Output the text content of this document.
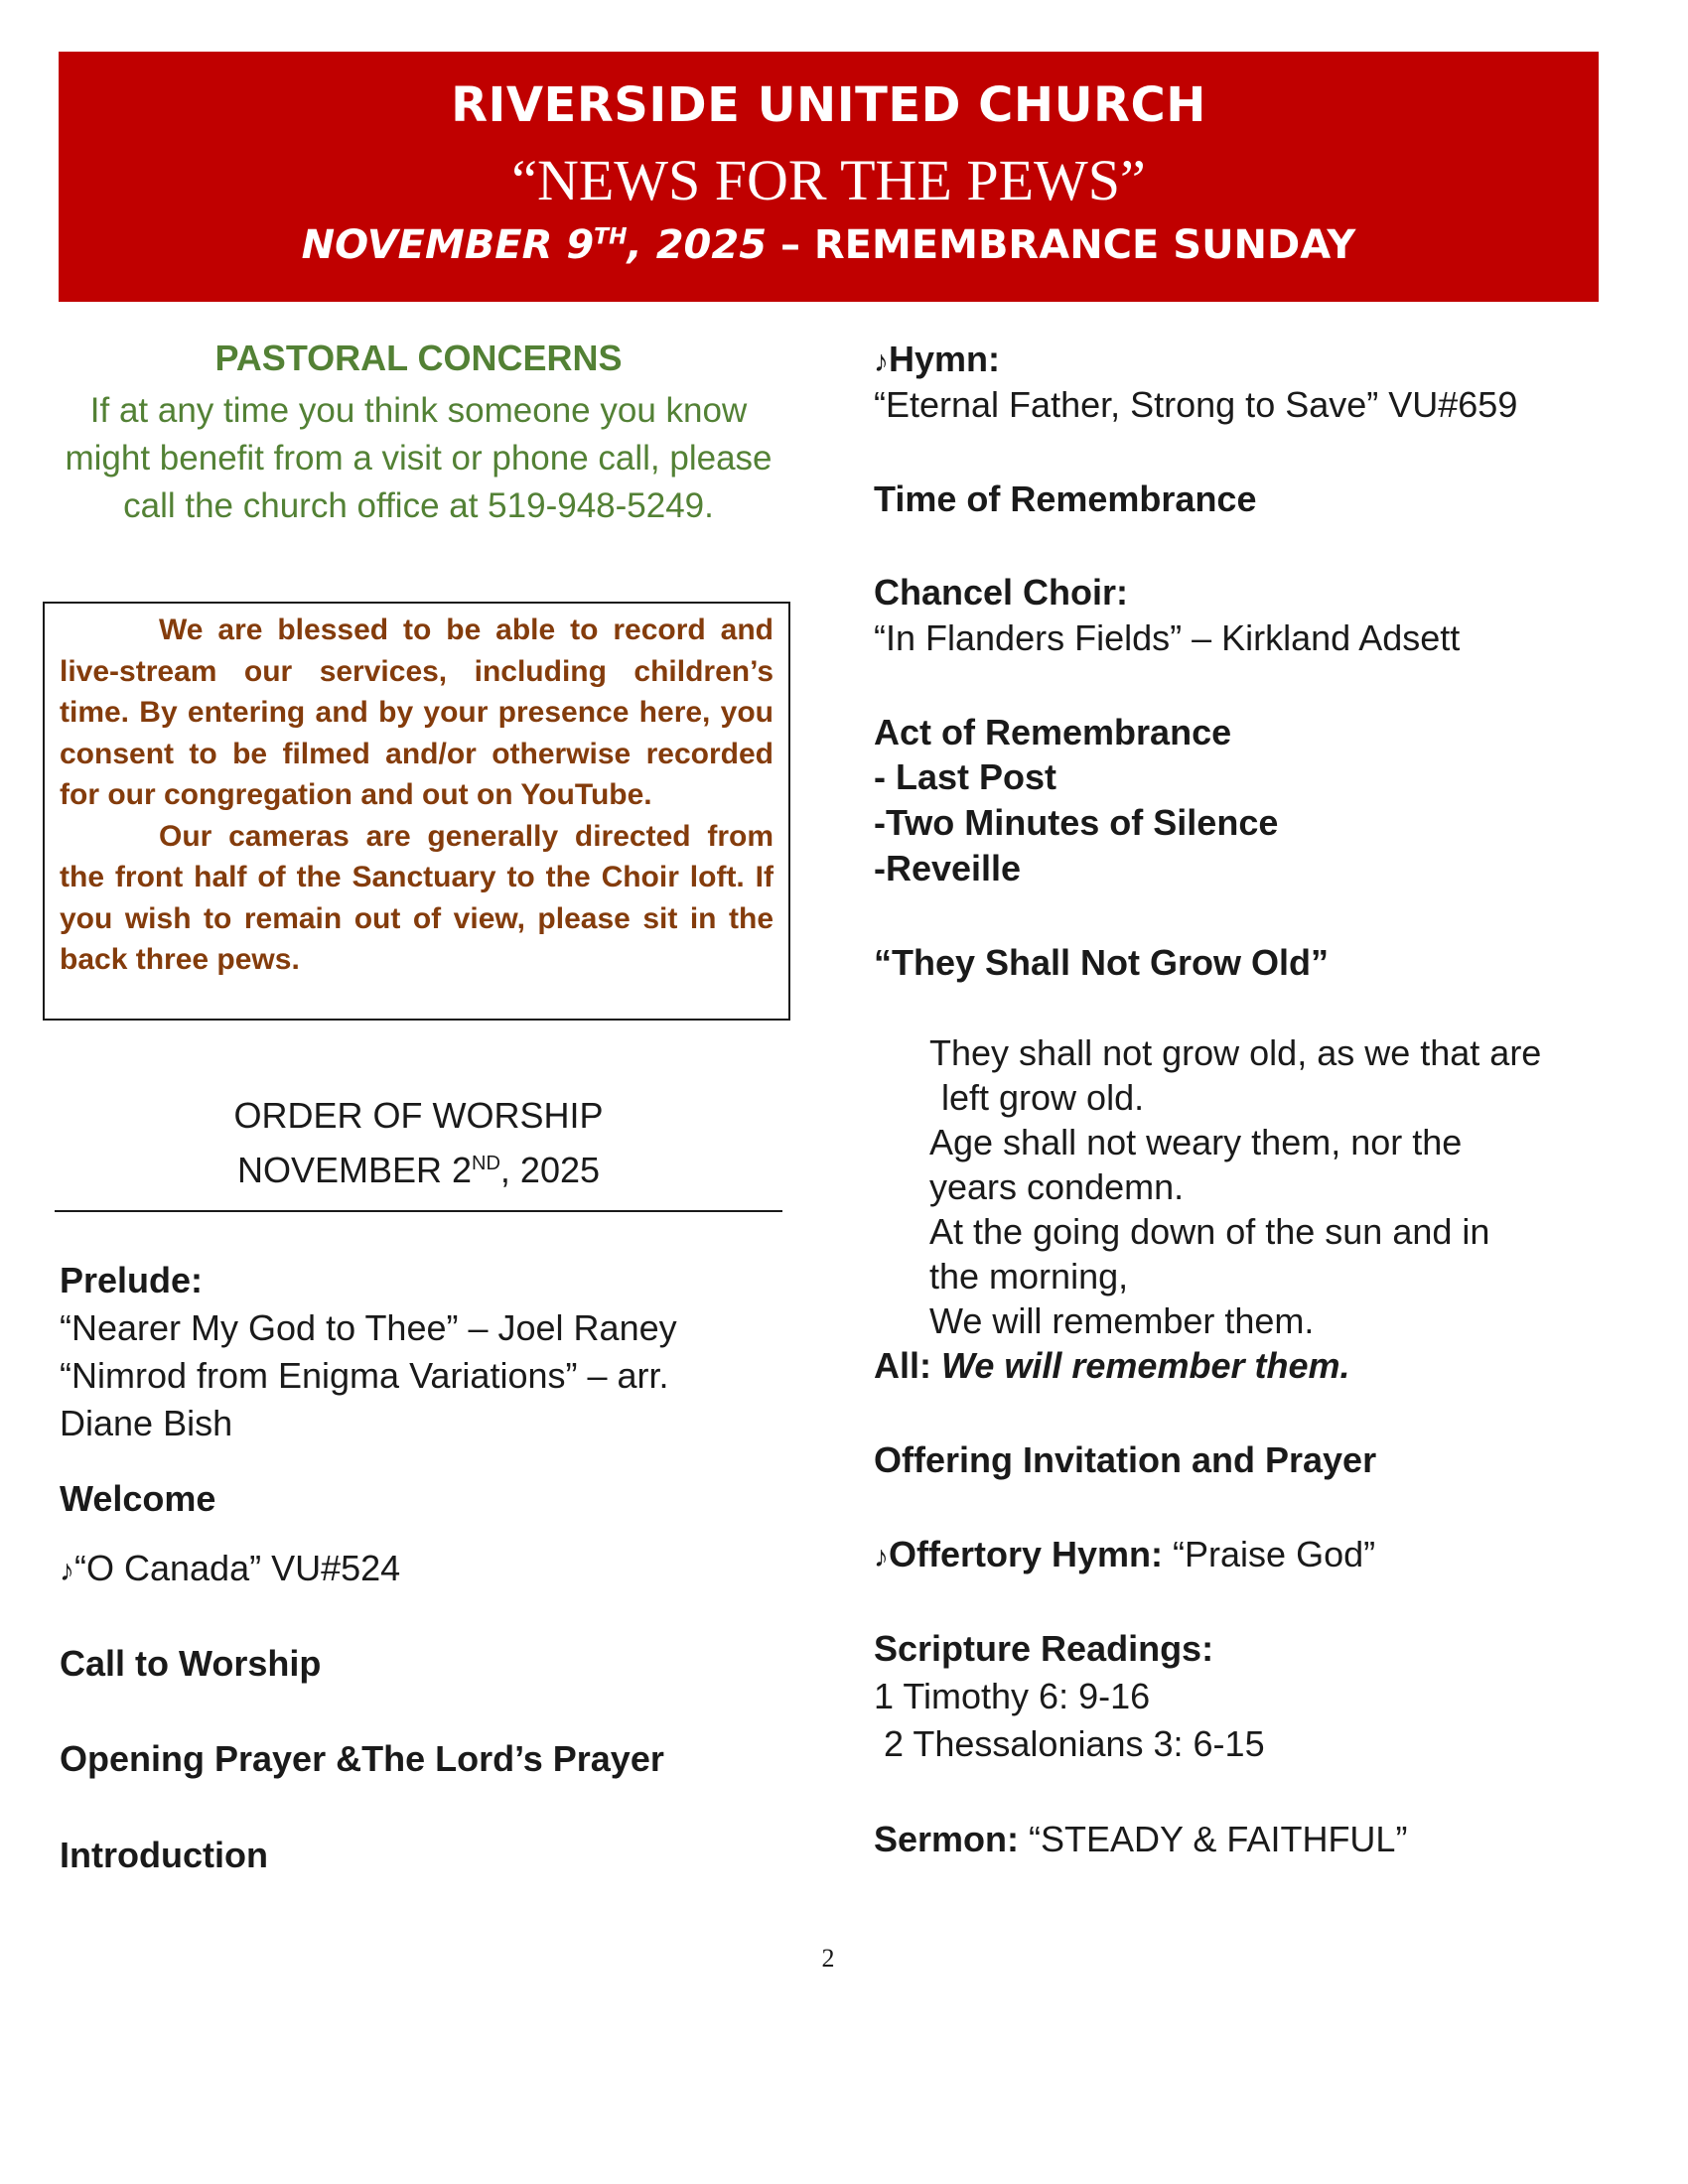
RIVERSIDE UNITED CHURCH
“NEWS FOR THE PEWS”
NOVEMBER 9TH, 2025 – REMEMBRANCE SUNDAY
PASTORAL CONCERNS
If at any time you think someone you know might benefit from a visit or phone call, please call the church office at 519-948-5249.

We are blessed to be able to record and live-stream our services, including children’s time. By entering and by your presence here, you consent to be filmed and/or otherwise recorded for our congregation and out on YouTube.

Our cameras are generally directed from the front half of the Sanctuary to the Choir loft. If you wish to remain out of view, please sit in the back three pews.

ORDER OF WORSHIP
NOVEMBER 2ND, 2025
Prelude:
“Nearer My God to Thee” – Joel Raney
“Nimrod from Enigma Variations” – arr.
Diane Bish
Welcome
♪“O Canada” VU#524
Call to Worship
Opening Prayer &The Lord’s Prayer
Introduction
♪Hymn:
“Eternal Father, Strong to Save” VU#659
Time of Remembrance
Chancel Choir:
“In Flanders Fields” – Kirkland Adsett
Act of Remembrance
- Last Post
-Two Minutes of Silence
-Reveille
“They Shall Not Grow Old”
They shall not grow old, as we that are
left grow old.
Age shall not weary them, nor the
years condemn.
At the going down of the sun and in
the morning,
We will remember them.
All: We will remember them.
Offering Invitation and Prayer
♪Offertory Hymn: “Praise God”
Scripture Readings:
1 Timothy 6: 9-16
2 Thessalonians 3: 6-15
Sermon: “STEADY & FAITHFUL”
2
